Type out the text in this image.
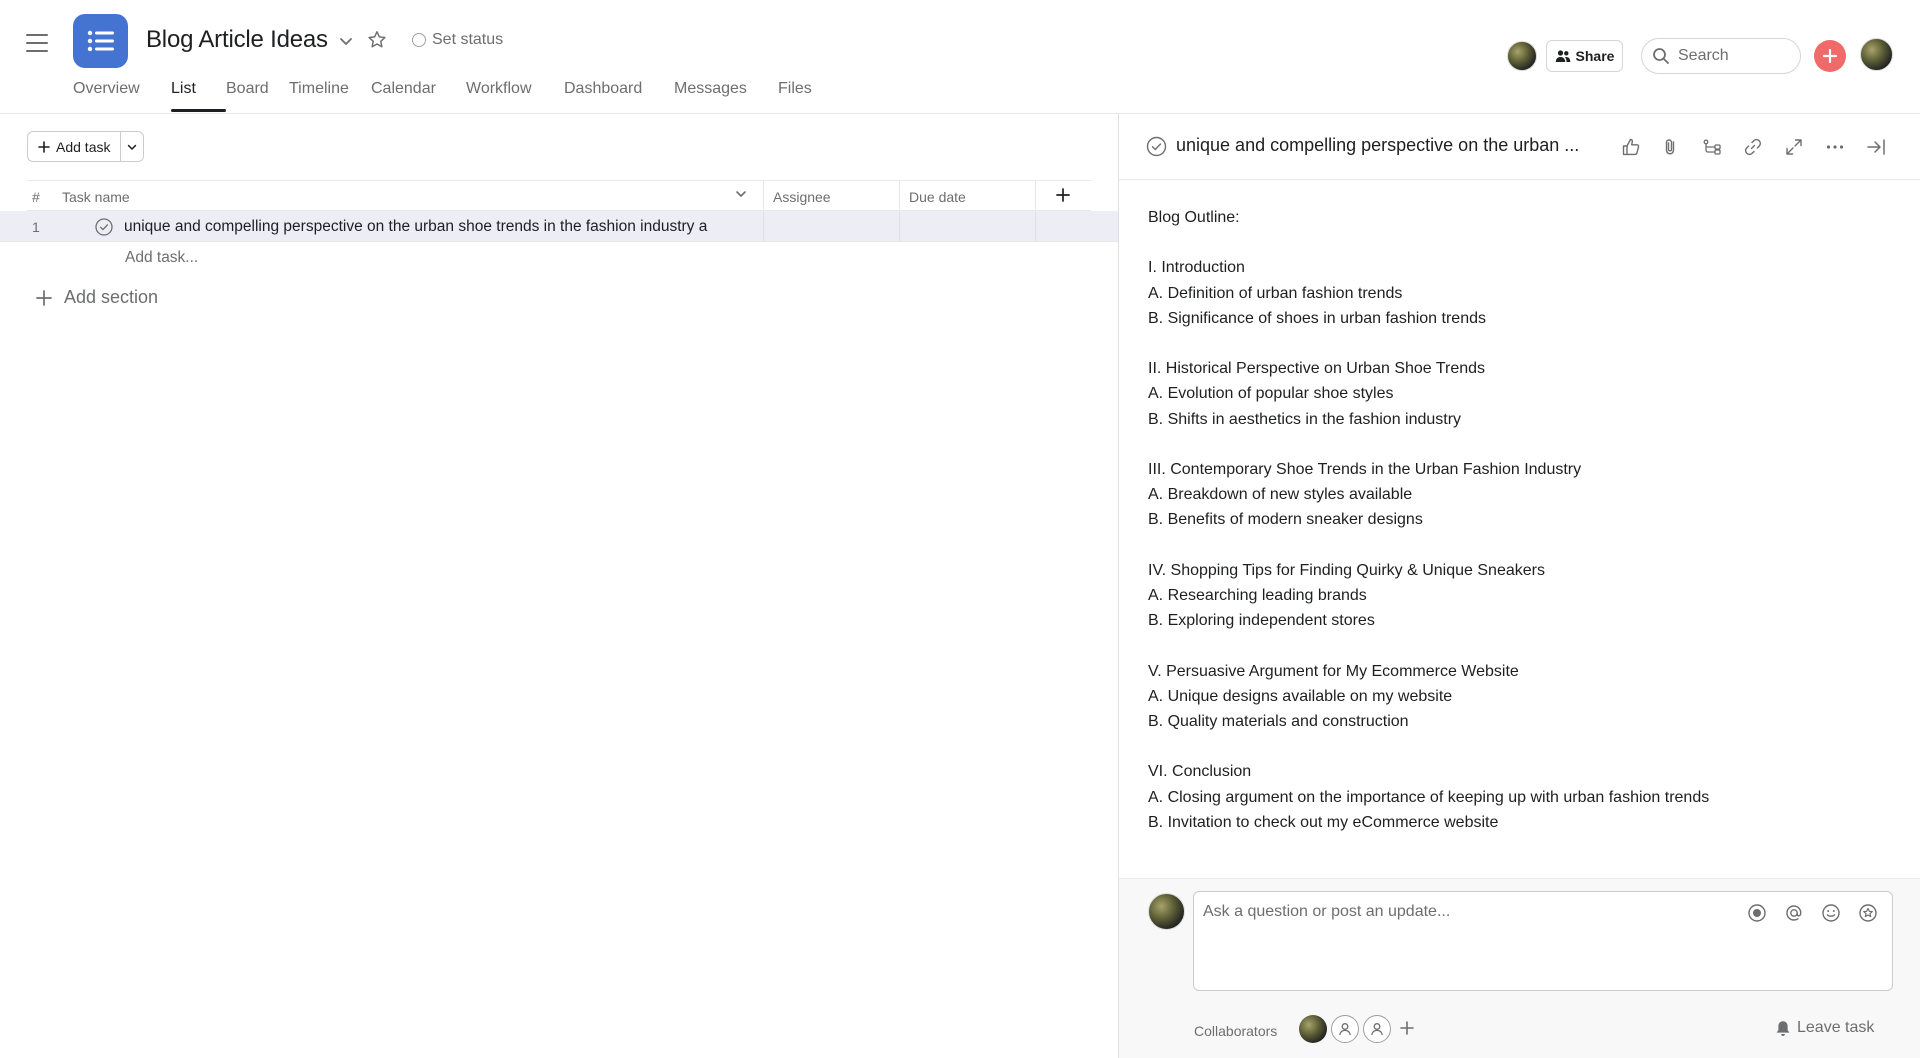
Blog Article Ideas	Set status
Overview	List	Board	Timeline	Calendar	Workflow	Dashboard	Messages	Files
Share
Search
Add task
# Task name	Assignee	Due date
1	unique and compelling perspective on the urban shoe trends in the fashion industry a
Add task...
Add section
unique and compelling perspective on the urban ...

Blog Outline:

I. Introduction

A. Definition of urban fashion trends

B. Significance of shoes in urban fashion trends

II. Historical Perspective on Urban Shoe Trends

A. Evolution of popular shoe styles

B. Shifts in aesthetics in the fashion industry

III. Contemporary Shoe Trends in the Urban Fashion Industry

A. Breakdown of new styles available

B. Benefits of modern sneaker designs

IV. Shopping Tips for Finding Quirky & Unique Sneakers

A. Researching leading brands

B. Exploring independent stores

V. Persuasive Argument for My Ecommerce Website

A. Unique designs available on my website

B. Quality materials and construction

VI. Conclusion

A. Closing argument on the importance of keeping up with urban fashion trends

B. Invitation to check out my eCommerce website

Ask a question or post an update...
Collaborators	Leave task
